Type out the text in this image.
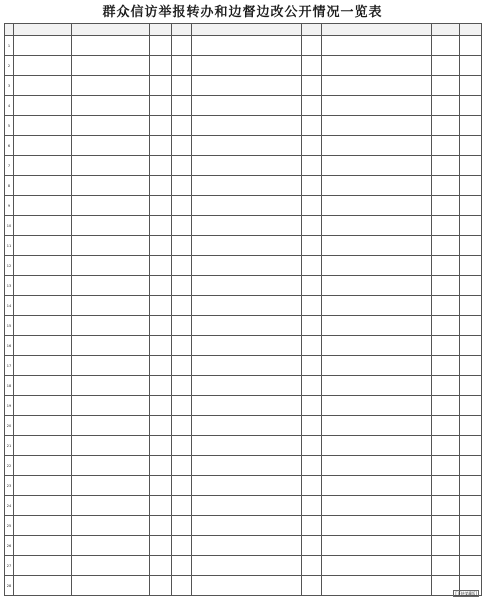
群众信访举报转办和边督边改公开情况一览表

1									
2									
3									
4									
5									
6									
7									
8									
9									
10									
11									
12									
13									
14									
15									
16									
17									
18									
19									
20									
21									
22									
23									
24									
25									
26									
27									
28									
[下转第8版]
